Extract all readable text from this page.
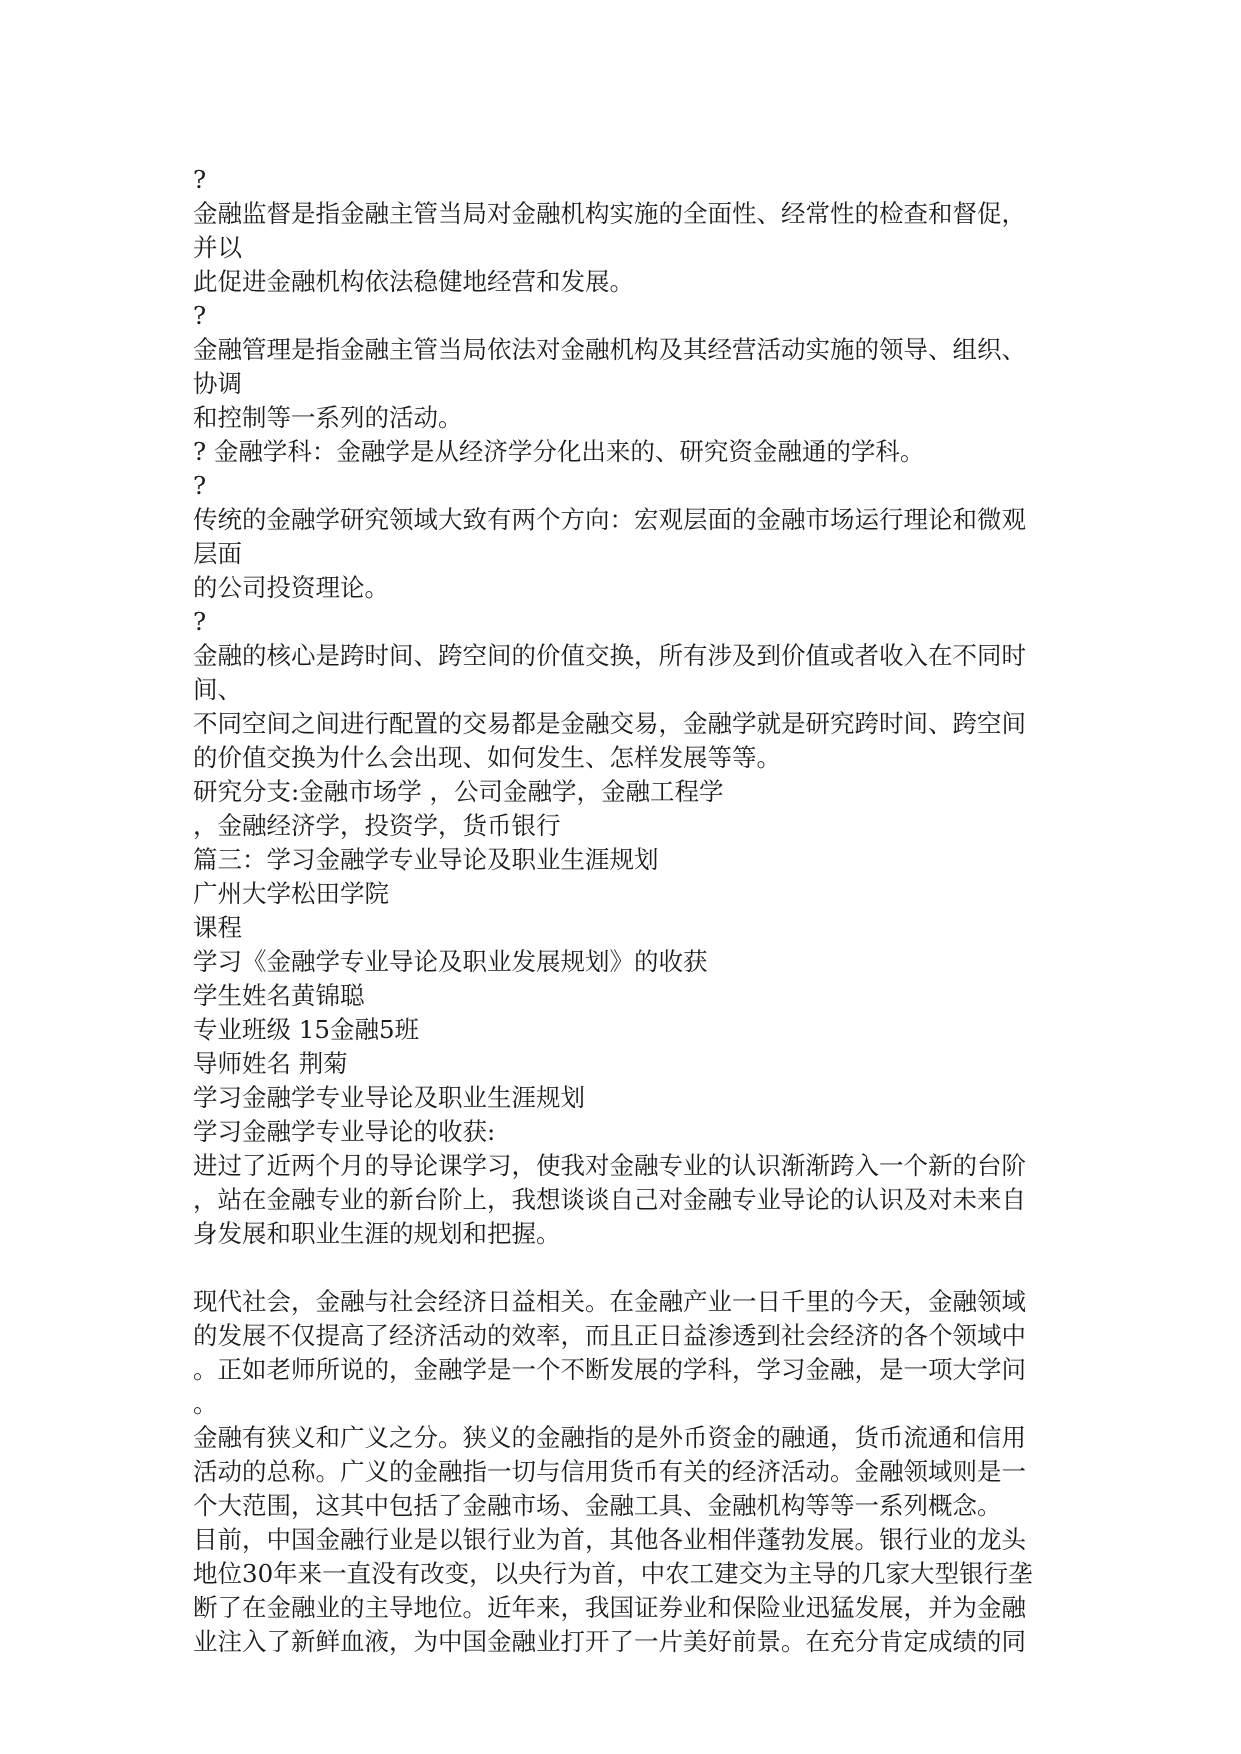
?
金融监督是指金融主管当局对金融机构实施的全面性、经常性的检查和督促，
并以
此促进金融机构依法稳健地经营和发展。
?
金融管理是指金融主管当局依法对金融机构及其经营活动实施的领导、组织、
协调
和控制等一系列的活动。
? 金融学科：金融学是从经济学分化出来的、研究资金融通的学科。
?
传统的金融学研究领域大致有两个方向：宏观层面的金融市场运行理论和微观
层面
的公司投资理论。
?
金融的核心是跨时间、跨空间的价值交换，所有涉及到价值或者收入在不同时
间、
不同空间之间进行配置的交易都是金融交易，金融学就是研究跨时间、跨空间
的价值交换为什么会出现、如何发生、怎样发展等等。
研究分支:金融市场学 ，公司金融学，金融工程学
，金融经济学，投资学，货币银行
篇三：学习金融学专业导论及职业生涯规划
广州大学松田学院
课程
学习《金融学专业导论及职业发展规划》的收获
学生姓名黄锦聪
专业班级 15金融5班
导师姓名 荆菊
学习金融学专业导论及职业生涯规划
学习金融学专业导论的收获:
进过了近两个月的导论课学习，使我对金融专业的认识渐渐跨入一个新的台阶
，站在金融专业的新台阶上，我想谈谈自己对金融专业导论的认识及对未来自
身发展和职业生涯的规划和把握。
现代社会，金融与社会经济日益相关。在金融产业一日千里的今天，金融领域
的发展不仅提高了经济活动的效率，而且正日益渗透到社会经济的各个领域中
。正如老师所说的，金融学是一个不断发展的学科，学习金融，是一项大学问
。
金融有狭义和广义之分。狭义的金融指的是外币资金的融通，货币流通和信用
活动的总称。广义的金融指一切与信用货币有关的经济活动。金融领域则是一
个大范围，这其中包括了金融市场、金融工具、金融机构等等一系列概念。
目前，中国金融行业是以银行业为首，其他各业相伴蓬勃发展。银行业的龙头
地位30年来一直没有改变，以央行为首，中农工建交为主导的几家大型银行垄
断了在金融业的主导地位。近年来，我国证券业和保险业迅猛发展，并为金融
业注入了新鲜血液，为中国金融业打开了一片美好前景。在充分肯定成绩的同
